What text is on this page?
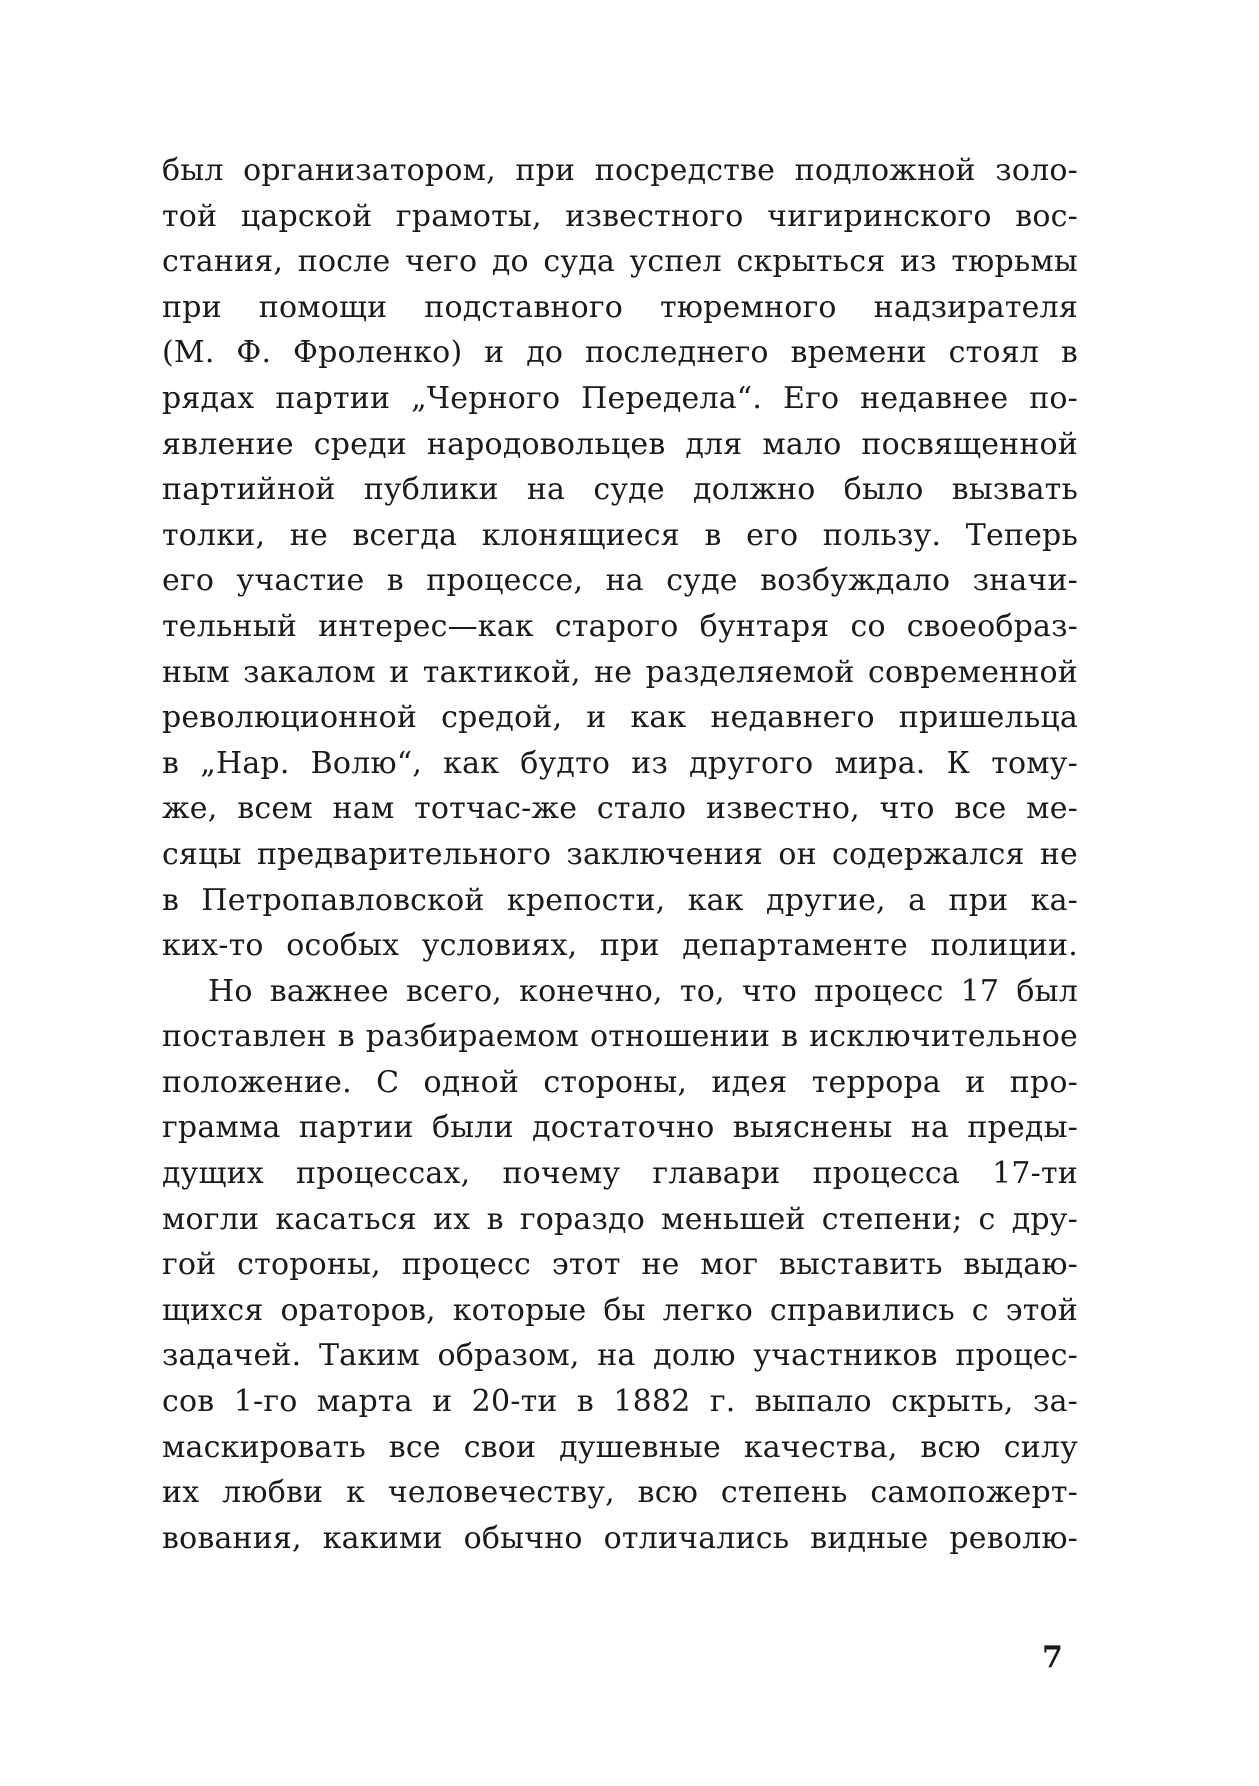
был организатором, при посредстве подложной золо-
той царской грамоты, известного чигиринского вос-
стания, после чего до суда успел скрыться из тюрьмы
при помощи подставного тюремного надзирателя
(М. Ф. Фроленко) и до последнего времени стоял в
рядах партии „Черного Передела“. Его недавнее по-
явление среди народовольцев для мало посвященной
партийной публики на суде должно было вызвать
толки, не всегда клонящиеся в его пользу. Теперь
его участие в процессе, на суде возбуждало значи-
тельный интерес—как старого бунтаря со своеобраз-
ным закалом и тактикой, не разделяемой современной
революционной средой, и как недавнего пришельца
в „Нар. Волю“, как будто из другого мира. К тому-
же, всем нам тотчас-же стало известно, что все ме-
сяцы предварительного заключения он содержался не
в Петропавловской крепости, как другие, а при ка-
ких-то особых условиях, при департаменте полиции.
Но важнее всего, конечно, то, что процесс 17 был
поставлен в разбираемом отношении в исключительное
положение. С одной стороны, идея террора и про-
грамма партии были достаточно выяснены на преды-
дущих процессах, почему главари процесса 17-ти
могли касаться их в гораздо меньшей степени; с дру-
гой стороны, процесс этот не мог выставить выдаю-
щихся ораторов, которые бы легко справились с этой
задачей. Таким образом, на долю участников процес-
сов 1-го марта и 20-ти в 1882 г. выпало скрыть, за-
маскировать все свои душевные качества, всю силу
их любви к человечеству, всю степень самопожерт-
вования, какими обычно отличались видные револю-
7
